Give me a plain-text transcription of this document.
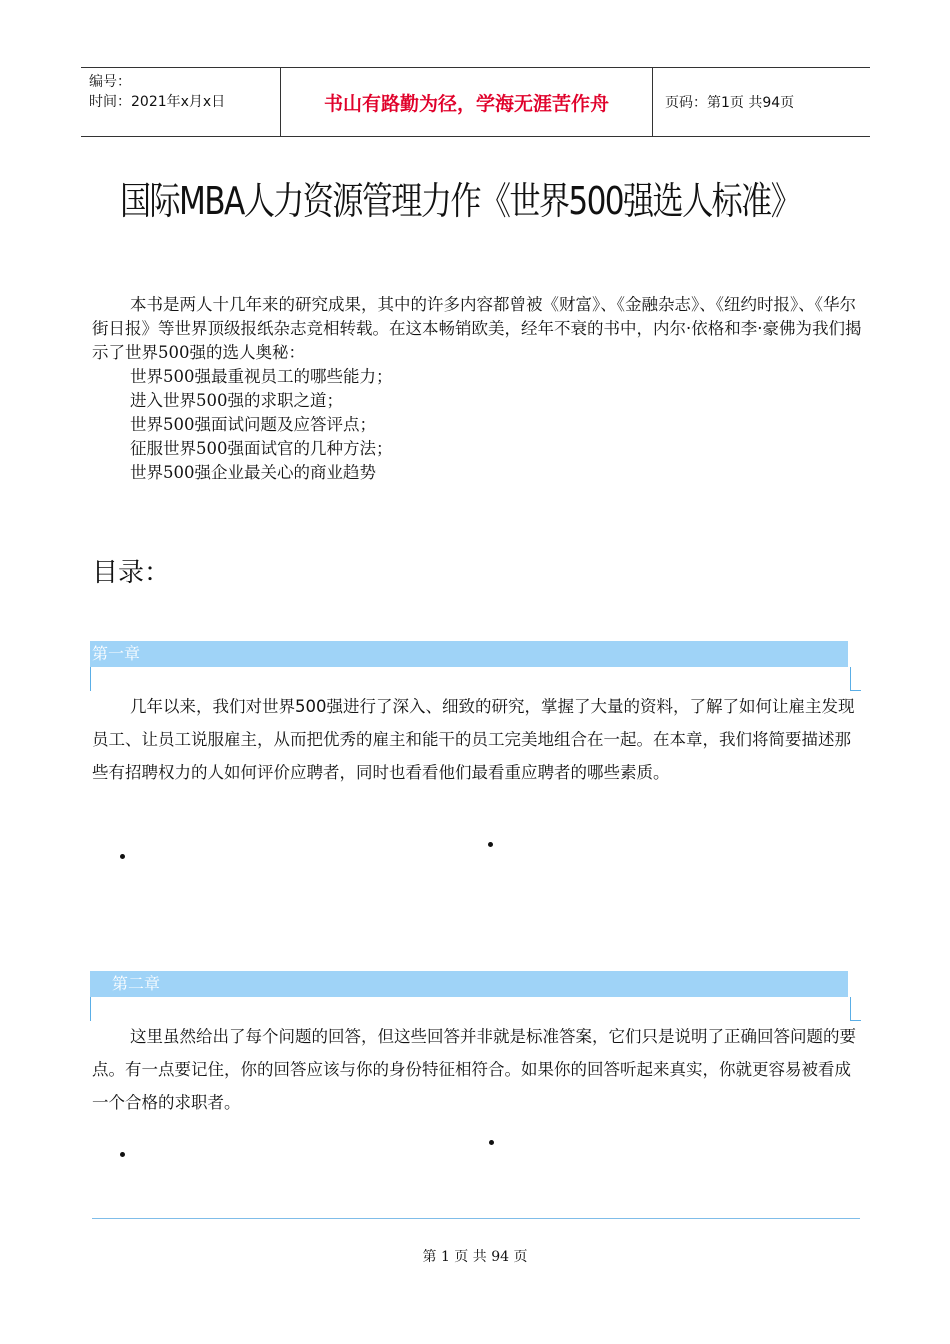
编号：
时间：2021年x月x日	书山有路勤为径，学海无涯苦作舟	页码：第1页 共94页
国际MBA人力资源管理力作《世界500强选人标准》

本书是两人十几年来的研究成果，其中的许多内容都曾被《财富》、《金融杂志》、《纽约时报》、《华尔街日报》等世界顶级报纸杂志竞相转载。在这本畅销欧美，经年不衰的书中，内尔·依格和李·豪佛为我们揭示了世界500强的选人奥秘：

世界500强最重视员工的哪些能力；
进入世界500强的求职之道；
世界500强面试问题及应答评点；
征服世界500强面试官的几种方法；
世界500强企业最关心的商业趋势
目录：
第一章

几年以来，我们对世界500强进行了深入、细致的研究，掌握了大量的资料，了解了如何让雇主发现员工、让员工说服雇主，从而把优秀的雇主和能干的员工完美地组合在一起。在本章，我们将简要描述那些有招聘权力的人如何评价应聘者，同时也看看他们最看重应聘者的哪些素质。

第二章

这里虽然给出了每个问题的回答，但这些回答并非就是标准答案，它们只是说明了正确回答问题的要点。有一点要记住，你的回答应该与你的身份特征相符合。如果你的回答听起来真实，你就更容易被看成一个合格的求职者。

第 1 页 共 94 页
